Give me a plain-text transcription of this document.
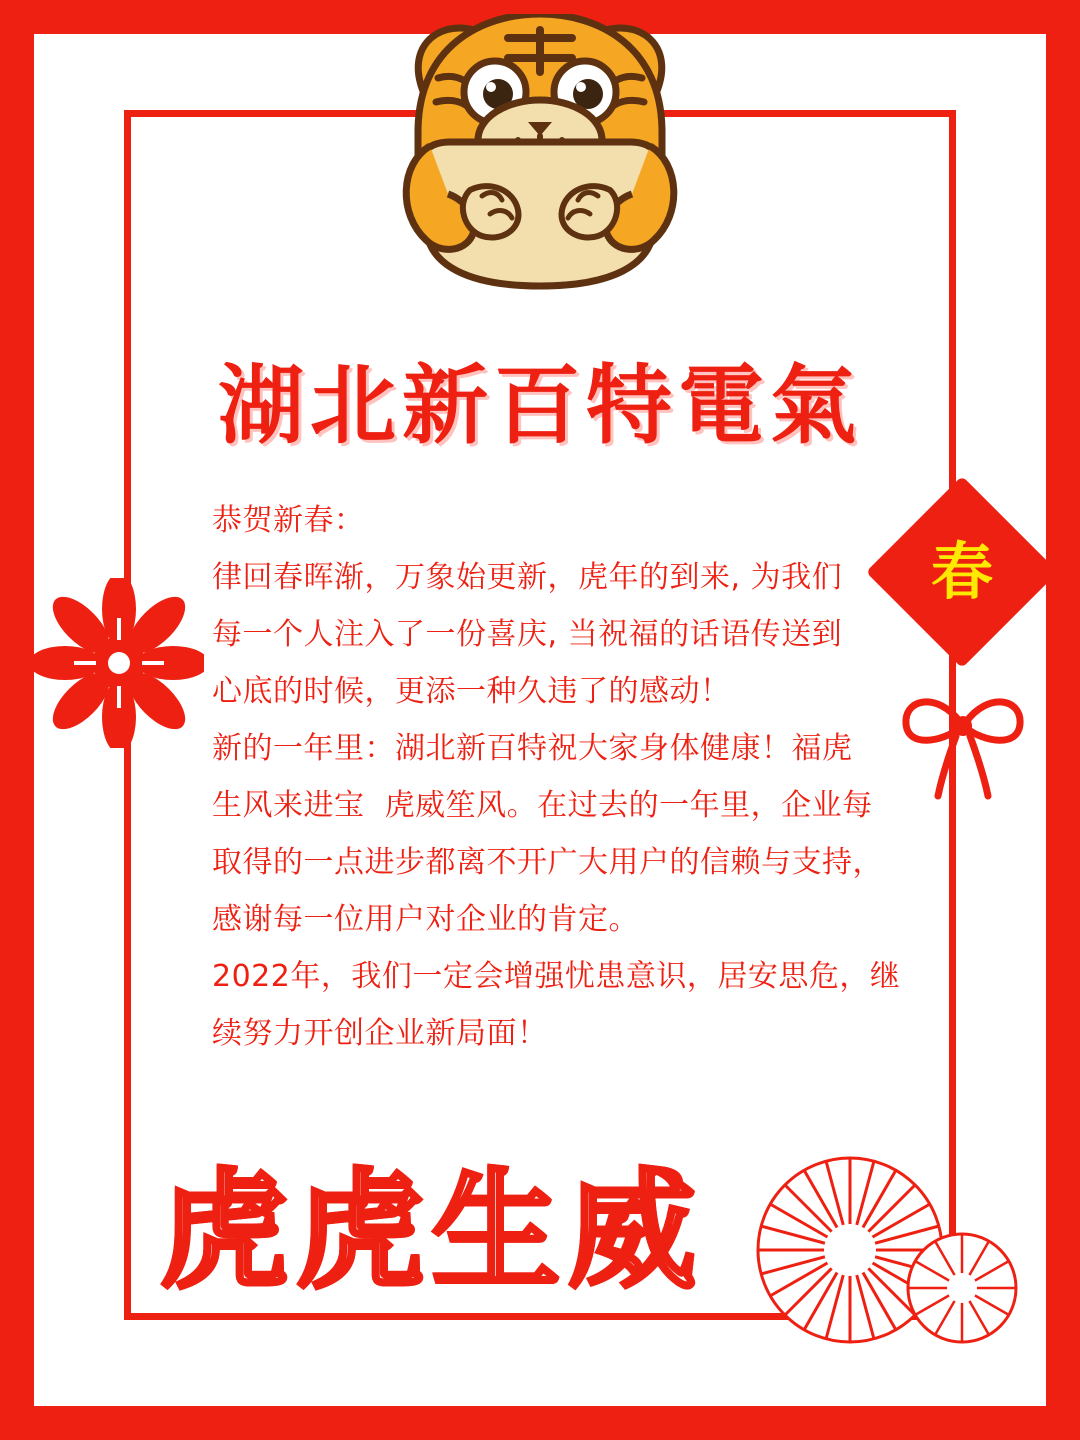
湖北新百特電氣

恭贺新春：

律回春晖渐，万象始更新，虎年的到来, 为我们

每一个人注入了一份喜庆, 当祝福的话语传送到

心底的时候，更添一种久违了的感动！

新的一年里：湖北新百特祝大家身体健康！福虎

生风来进宝  虎威笙风。在过去的一年里，企业每

取得的一点进步都离不开广大用户的信赖与支持，

感谢每一位用户对企业的肯定。

2022年，我们一定会增强忧患意识，居安思危，继

续努力开创企业新局面！

春
虎虎生威
